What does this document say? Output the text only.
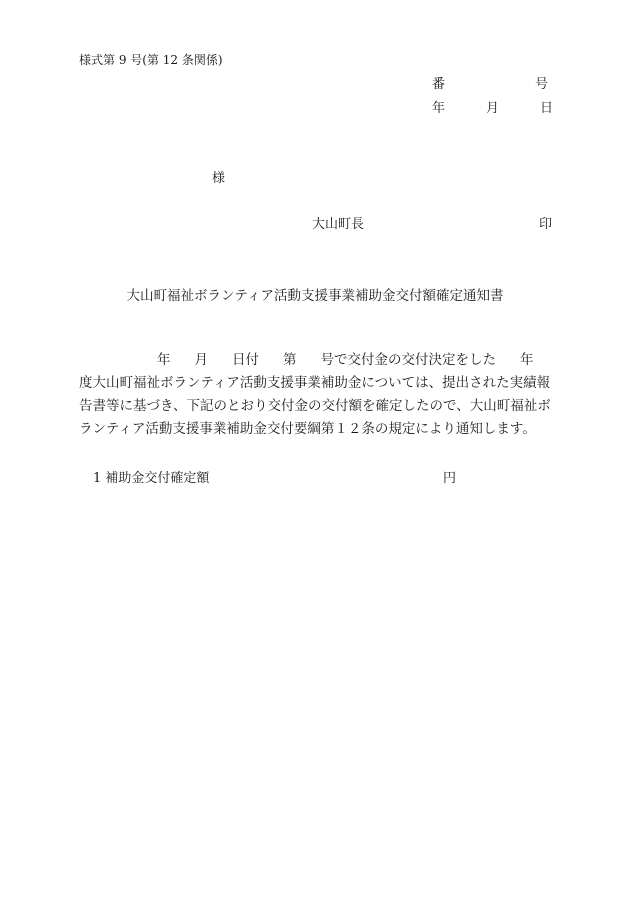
様式第 9 号(第 12 条関係)
番	号
年	月	日
様
大山町長	印
大山町福祉ボランティア活動支援事業補助金交付額確定通知書
年 月 日付 第 号で交付金の交付決定をした 年
度大山町福祉ボランティア活動支援事業補助金については、提出された実績報
告書等に基づき、下記のとおり交付金の交付額を確定したので、大山町福祉ボ
ランティア活動支援事業補助金交付要綱第１２条の規定により通知します。
1 補助金交付確定額	円
